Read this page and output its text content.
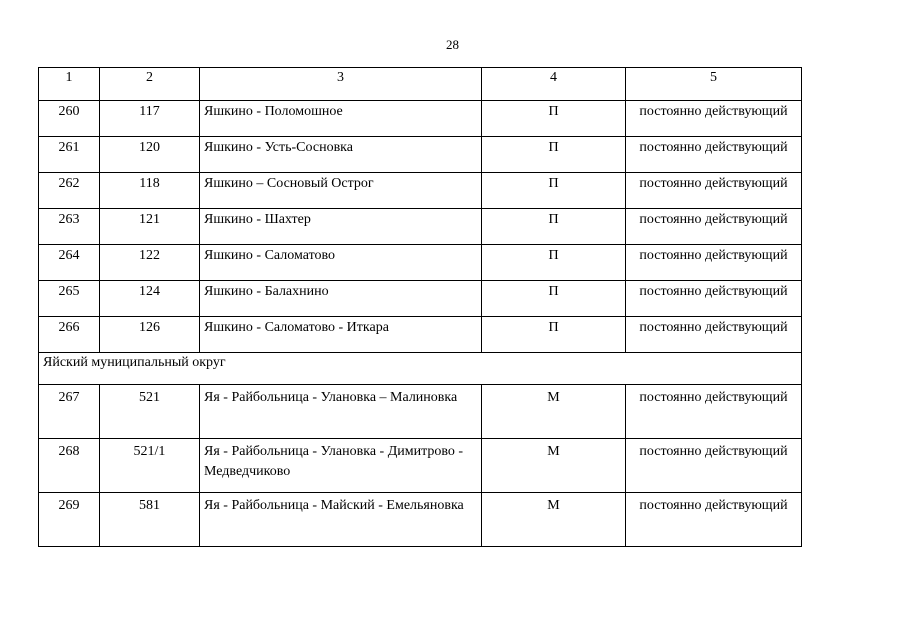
28
1	2	3	4	5
260	117	Яшкино - Поломошное	П	постоянно действующий
261	120	Яшкино - Усть-Сосновка	П	постоянно действующий
262	118	Яшкино – Сосновый Острог	П	постоянно действующий
263	121	Яшкино - Шахтер	П	постоянно действующий
264	122	Яшкино - Саломатово	П	постоянно действующий
265	124	Яшкино - Балахнино	П	постоянно действующий
266	126	Яшкино - Саломатово - Иткара	П	постоянно действующий
Яйский муниципальный округ				
267	521	Яя - Райбольница - Улановка – Малиновка	М	постоянно действующий
268	521/1	Яя - Райбольница - Улановка - Димитрово - Медведчиково	М	постоянно действующий
269	581	Яя - Райбольница - Майский - Емельяновка	М	постоянно действующий
